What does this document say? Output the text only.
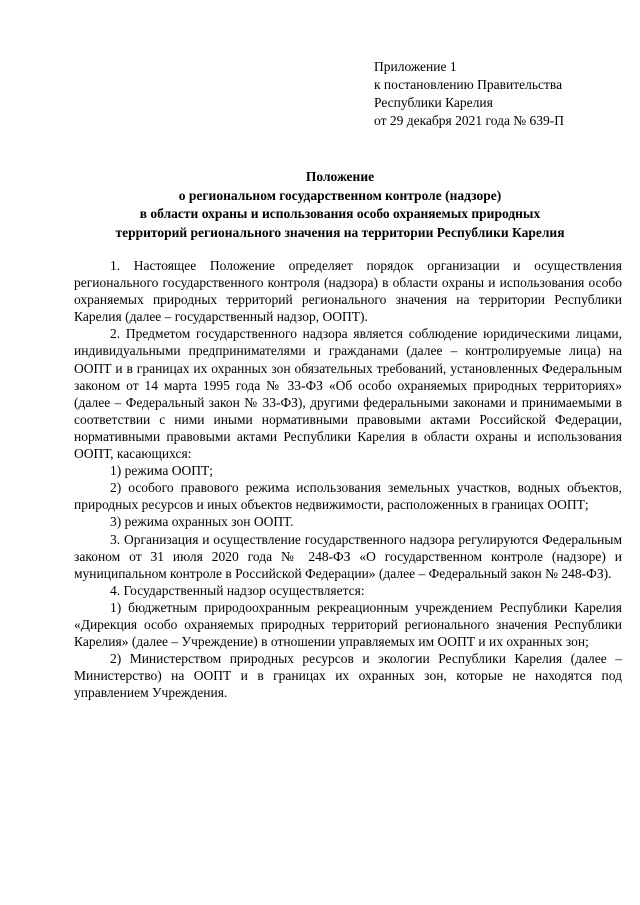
Приложение 1
к постановлению Правительства
Республики Карелия
от 29 декабря 2021 года № 639-П
Положение
о региональном государственном контроле (надзоре)
в области охраны и использования особо охраняемых природных
территорий регионального значения на территории Республики Карелия

1. Настоящее Положение определяет порядок организации и осуществления регионального государственного контроля (надзора) в области охраны и использования особо охраняемых природных территорий регионального значения на территории Республики Карелия (далее – государственный надзор, ООПТ).

2. Предметом государственного надзора является соблюдение юридическими лицами, индивидуальными предпринимателями и гражданами (далее – контролируемые лица) на ООПТ и в границах их охранных зон обязательных требований, установленных Федеральным законом от 14 марта 1995 года № 33-ФЗ «Об особо охраняемых природных территориях» (далее – Федеральный закон № 33-ФЗ), другими федеральными законами и принимаемыми в соответствии с ними иными нормативными правовыми актами Российской Федерации, нормативными правовыми актами Республики Карелия в области охраны и использования ООПТ, касающихся:

1) режима ООПТ;

2) особого правового режима использования земельных участков, водных объектов, природных ресурсов и иных объектов недвижимости, расположенных в границах ООПТ;

3) режима охранных зон ООПТ.

3. Организация и осуществление государственного надзора регулируются Федеральным законом от 31 июля 2020 года № 248-ФЗ «О государственном контроле (надзоре) и муниципальном контроле в Российской Федерации» (далее – Федеральный закон № 248-ФЗ).

4. Государственный надзор осуществляется:

1) бюджетным природоохранным рекреационным учреждением Республики Карелия «Дирекция особо охраняемых природных территорий регионального значения Республики Карелия» (далее – Учреждение) в отношении управляемых им ООПТ и их охранных зон;

2) Министерством природных ресурсов и экологии Республики Карелия (далее – Министерство) на ООПТ и в границах их охранных зон, которые не находятся под управлением Учреждения.
